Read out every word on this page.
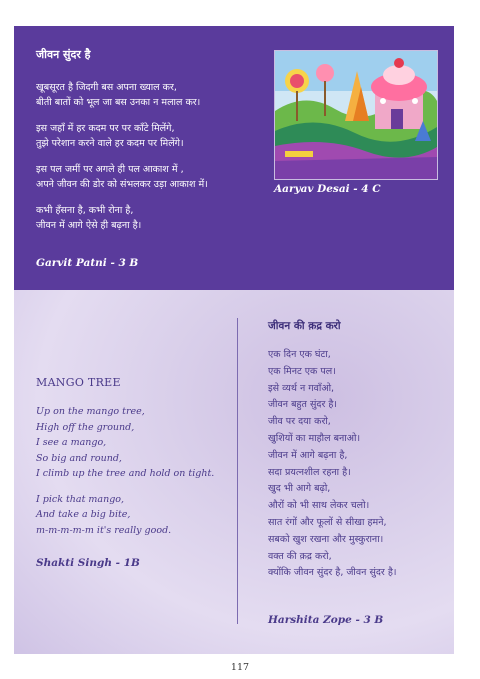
जीवन सुंदर है
खूबसूरत है जिदगी बस अपना ख्याल कर,
बीती बातों को भूल जा बस उनका न मलाल कर।
इस जहाँ में हर कदम पर पर काँटे मिलेंगे,
तुझे परेशान करने वाले हर कदम पर मिलेंगे।
इस पल जमीं पर अगले ही पल आकाश में ,
अपने जीवन की डोर को संभलकर उड़ा आकाश में।
कभी हँसना है, कभी रोना है,
जीवन में आगे ऐसे ही बढ़ना है।
Garvit Patni - 3 B
Aaryav Desai - 4 C
MANGO TREE
Up on the mango tree,
High off the ground,
I see a mango,
So big and round,
I climb up the tree and hold on tight.
I pick that mango,
And take a big bite,
m-m-m-m-m it's really good.
Shakti Singh - 1B
जीवन की क़द्र करो
एक दिन एक घंटा,
एक मिनट एक पल।
इसे व्यर्थ न गवाँओ,
जीवन बहुत सुंदर है।
जीव पर दया करो,
खुशियों का माहौल बनाओ।
जीवन में आगे बढ़ना है,
सदा प्रयत्नशील रहना है।
खुद भी आगे बढ़ो,
औरों को भी साथ लेकर चलो।
सात रंगों और फूलों से सीखा हमने,
सबको खुश रखना और मुस्कुराना।
वक्त की क़द्र करो,
क्योंकि जीवन सुंदर है, जीवन सुंदर है।
Harshita Zope - 3 B
117
